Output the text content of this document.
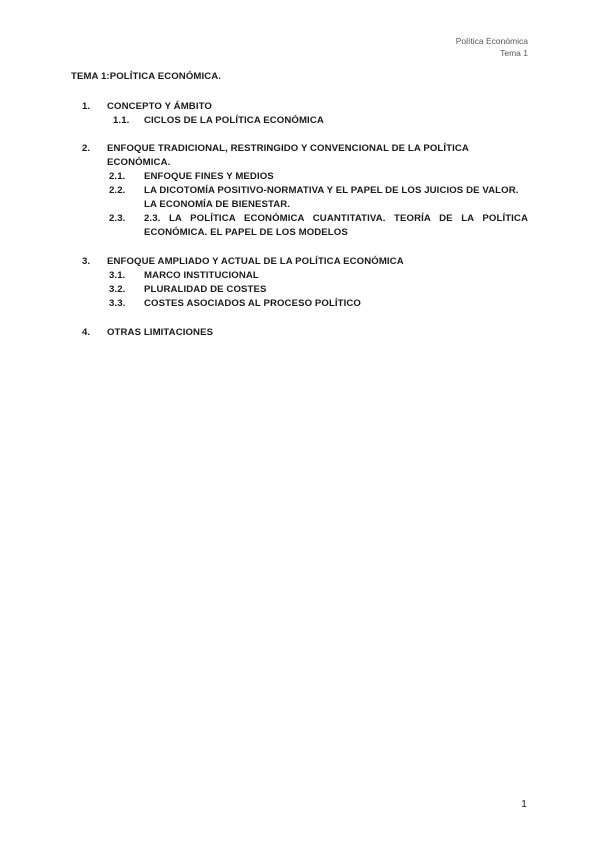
Política Económica
Tema 1
TEMA 1:POLÍTICA ECONÓMICA.
1. CONCEPTO Y ÁMBITO
1.1. CICLOS DE LA POLÍTICA ECONÓMICA
2. ENFOQUE TRADICIONAL, RESTRINGIDO Y CONVENCIONAL DE LA POLÍTICA ECONÓMICA.
2.1. ENFOQUE FINES Y MEDIOS
2.2. LA DICOTOMÍA POSITIVO-NORMATIVA Y EL PAPEL DE LOS JUICIOS DE VALOR. LA ECONOMÍA DE BIENESTAR.
2.3. 2.3. LA POLÍTICA ECONÓMICA CUANTITATIVA. TEORÍA DE LA POLÍTICA ECONÓMICA. EL PAPEL DE LOS MODELOS
3. ENFOQUE AMPLIADO Y ACTUAL DE LA POLÍTICA ECONÓMICA
3.1. MARCO INSTITUCIONAL
3.2. PLURALIDAD DE COSTES
3.3. COSTES ASOCIADOS AL PROCESO POLÍTICO
4. OTRAS LIMITACIONES
1
